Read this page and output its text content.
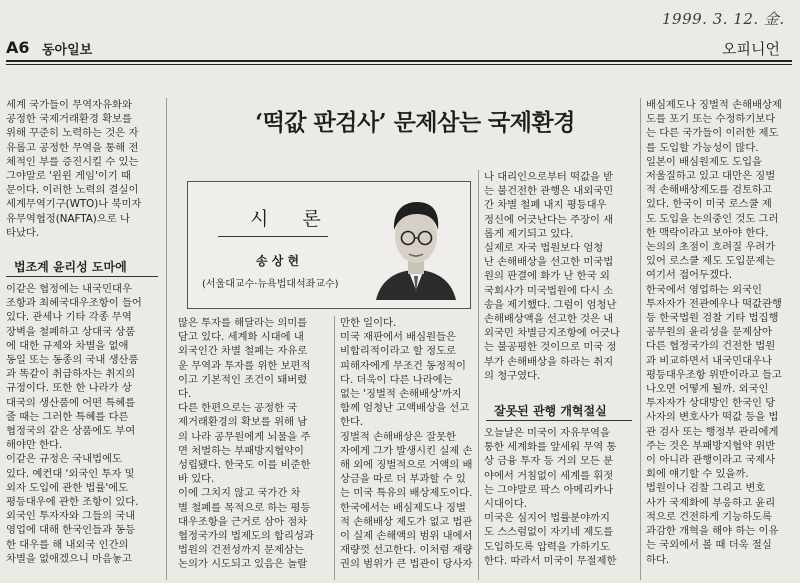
1999. 3. 12. 金.
A6 동아일보	오피니언
‘떡값 판검사’ 문제삼는 국제환경
세계 국가들이 무역자유화와
공정한 국제거래환경 확보를
위해 꾸준히 노력하는 것은 자
유롭고 공정한 무역을 통해 전
체적인 부를 증진시킬 수 있는
그야말로 '윈윈 게임'이기 때
문이다. 이러한 노력의 결실이
세계무역기구(WTO)나 북미자
유무역협정(NAFTA)으로 나
타났다.
법조계 윤리성 도마에
이같은 협정에는 내국민대우
조항과 최혜국대우조항이 들어
있다. 관세나 기타 각종 무역
장벽을 철폐하고 상대국 상품
에 대한 규제와 차별을 없애
동일 또는 동종의 국내 생산품
과 똑같이 취급하자는 취지의
규정이다. 또한 한 나라가 상
대국의 생산품에 어떤 특혜를
줄 때는 그러한 특혜를 다른
협정국의 같은 상품에도 부여
해야만 한다.
이같은 규정은 국내법에도
있다. 예컨대 '외국인 투자 및
외자 도입에 관한 법률'에도
평등대우에 관한 조항이 있다.
외국인 투자자와 그들의 국내
영업에 대해 한국인들과 동등
한 대우를 해 내외국 인간의
차별을 없애겠으니 마음놓고
시 론
송 상 현
(서울대교수·뉴욕법대석좌교수)
많은 투자를 해달라는 의미를
담고 있다. 세계화 시대에 내
외국인간 차별 철폐는 자유로
운 무역과 투자를 위한 보편적
이고 기본적인 조건이 돼버렸
다.
다른 한편으로는 공정한 국
제거래환경의 확보를 위해 남
의 나라 공무원에게 뇌물을 주
면 처벌하는 부패방지협약이
성립됐다. 한국도 이를 비준한
바 있다.
이에 그치지 않고 국가간 차
별 철폐를 목적으로 하는 평등
대우조항을 근거로 삼아 점차
협정국가의 법제도의 합리성과
법원의 건전성까지 문제삼는
논의가 시도되고 있음은 놀랄
만한 일이다.
미국 재판에서 배심원들은
비합리적이라고 할 정도로
피해자에게 무조건 동정적이
다. 더욱이 다른 나라에는
없는 '징벌적 손해배상'까지
함께 엄청난 고액배상을 선고
한다.
징벌적 손해배상은 잘못한
자에게 그가 발생시킨 실제 손
해 외에 징벌적으로 거액의 배
상금을 따로 더 부과할 수 있
는 미국 특유의 배상제도이다.
한국에서는 배심제도나 징벌
적 손해배상 제도가 없고 법관
이 실제 손해액의 범위 내에서
재량껏 선고한다. 이처럼 재량
권의 범위가 큰 법관이 당사자
나 대리인으로부터 떡값을 받
는 불건전한 관행은 내외국민
간 차별 철폐 내지 평등대우
정신에 어긋난다는 주장이 새
롭게 제기되고 있다.
실제로 자국 법원보다 엄청
난 손해배상을 선고한 미국법
원의 판결에 화가 난 한국 외
국회사가 미국법원에 다시 소
송을 제기했다. 그럼이 엄청난
손해배상액을 선고한 것은 내
외국민 차별금지조항에 어긋나
는 불공평한 것이므로 미국 정
부가 손해배상을 하라는 취지
의 청구였다.
잘못된 관행 개혁절실
오늘날은 미국이 자유무역을
통한 세계화를 앞세워 무역 통
상 금융 투자 등 거의 모든 분
야에서 거침없이 세계를 휘젓
는 그야말로 팍스 아메리카나
시대이다.
미국은 심지어 법률분야까지
도 스스럼없이 자기네 제도를
도입하도록 압력을 가하기도
한다. 따라서 미국이 무절제한
배심제도나 징벌적 손해배상제
도를 포기 또는 수정하기보다
는 다른 국가들이 이러한 제도
를 도입할 가능성이 많다.
일본이 배심원제도 도입을
저울질하고 있고 대만은 징벌
적 손해배상제도를 검토하고
있다. 한국이 미국 로스쿨 제
도 도입을 논의중인 것도 그러
한 맥락이라고 보아야 한다.
논의의 초점이 흐려질 우려가
있어 로스쿨 제도 도입문제는
여기서 접어두겠다.
한국에서 영업하는 외국인
투자자가 전관예우나 떡값관행
등 한국법원 검찰 기타 법집행
공무원의 윤리성을 문제삼아
다른 협정국가의 건전한 법원
과 비교하면서 내국민대우나
평등대우조항 위반이라고 들고
나오면 어떻게 될까. 외국인
투자자가 상대방인 한국인 당
사자의 변호사가 떡값 등을 법
관 검사 또는 행정부 관리에게
주는 것은 부패방지협약 위반
이 아니라 관행이라고 국제사
회에 얘기할 수 있을까.
법원이나 검찰 그리고 변호
사가 국제화에 부응하고 윤리
적으로 건전하게 기능하도록
과감한 개혁을 해야 하는 이유
는 국외에서 볼 때 더욱 절실
하다.
